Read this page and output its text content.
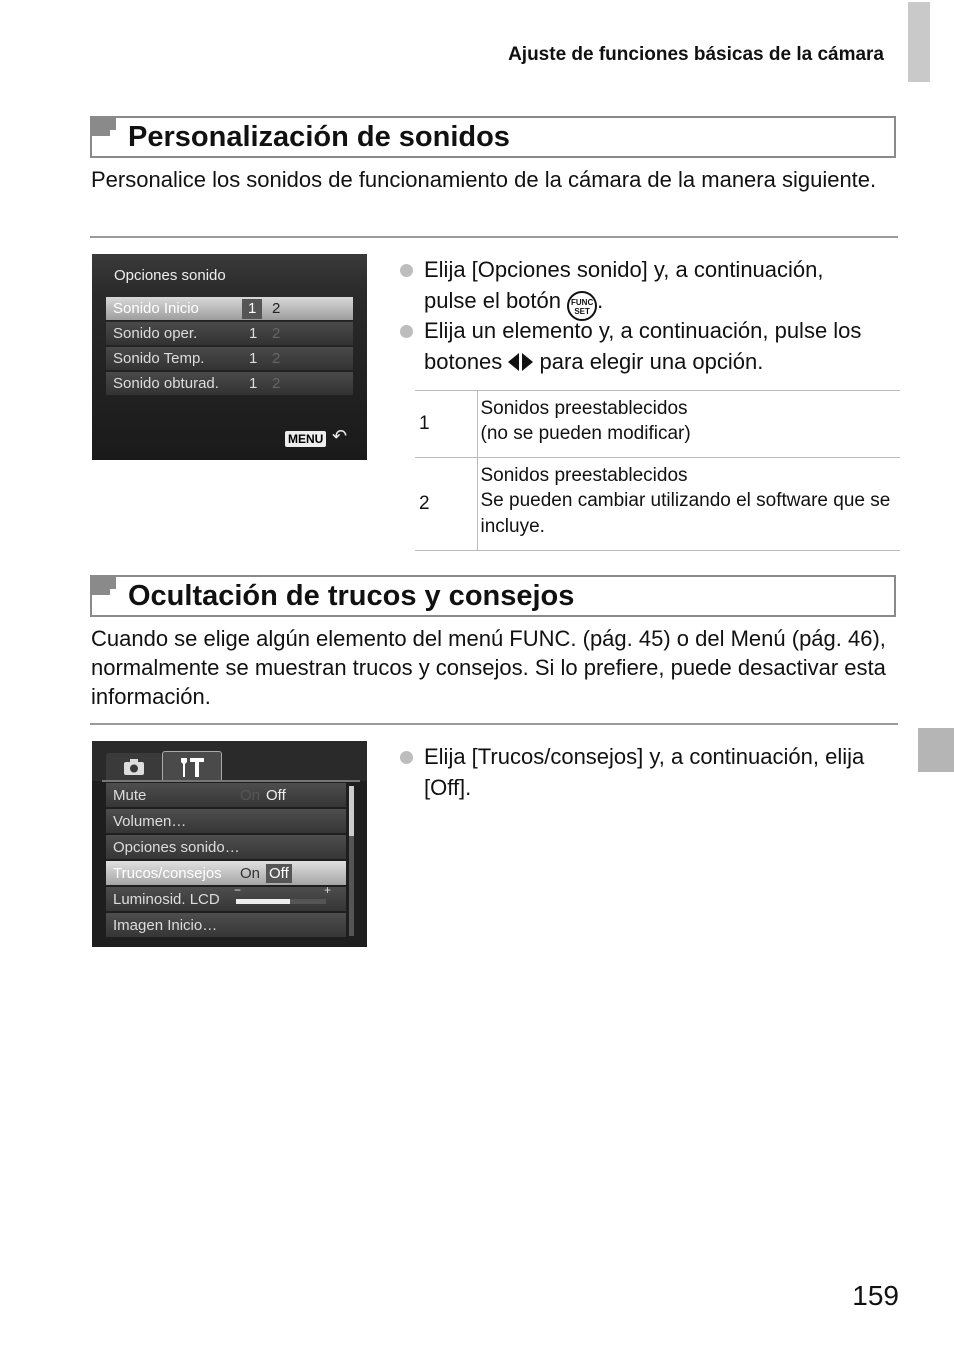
Ajuste de funciones básicas de la cámara
Personalización de sonidos
Personalice los sonidos de funcionamiento de la cámara de la manera siguiente.
Opciones sonido
Sonido Inicio	1	2
Sonido oper.	1 2
Sonido Temp.	1 2
Sonido obturad. 1 2
MENU ↶
Elija [Opciones sonido] y, a continuación,
pulse el botón FUNC
SET .
Elija un elemento y, a continuación, pulse los
botones para elegir una opción.
1	Sonidos preestablecidos
(no se pueden modificar)
2	Sonidos preestablecidos
Se pueden cambiar utilizando el software que se incluye.
Ocultación de trucos y consejos
Cuando se elige algún elemento del menú FUNC. (pág. 45) o del Menú (pág. 46), normalmente se muestran trucos y consejos. Si lo prefiere, puede desactivar esta información.
Mute	On Off
Volumen…
Opciones sonido…
Trucos/consejos On Off
Luminosid. LCD
−	+
Imagen Inicio…
Elija [Trucos/consejos] y, a continuación, elija [Off].
159
